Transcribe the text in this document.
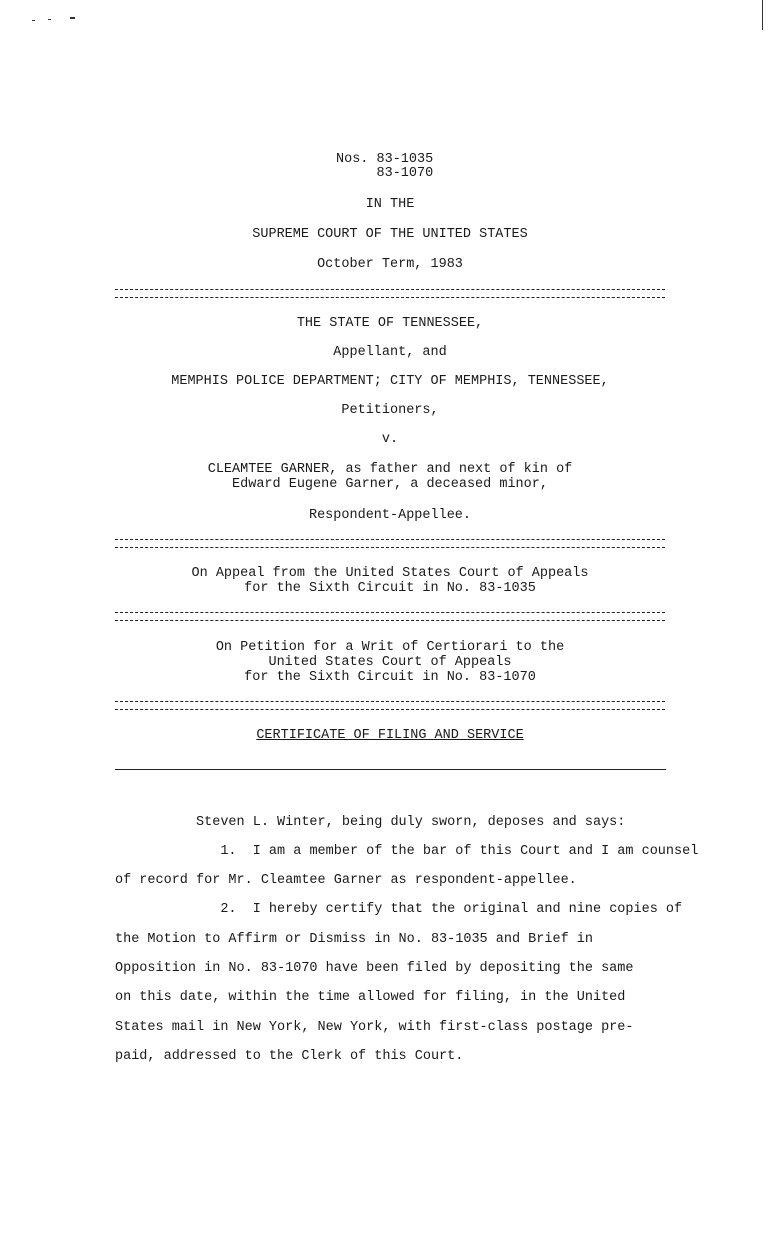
Nos. 83-1035
83-1070
IN THE
SUPREME COURT OF THE UNITED STATES
October Term, 1983
THE STATE OF TENNESSEE,
Appellant, and
MEMPHIS POLICE DEPARTMENT; CITY OF MEMPHIS, TENNESSEE,
Petitioners,
v.
CLEAMTEE GARNER, as father and next of kin of
Edward Eugene Garner, a deceased minor,
Respondent-Appellee.
On Appeal from the United States Court of Appeals
for the Sixth Circuit in No. 83-1035
On Petition for a Writ of Certiorari to the
United States Court of Appeals
for the Sixth Circuit in No. 83-1070
CERTIFICATE OF FILING AND SERVICE
Steven L. Winter, being duly sworn, deposes and says:
1.  I am a member of the bar of this Court and I am counsel
of record for Mr. Cleamtee Garner as respondent-appellee.
2.  I hereby certify that the original and nine copies of
the Motion to Affirm or Dismiss in No. 83-1035 and Brief in
Opposition in No. 83-1070 have been filed by depositing the same
on this date, within the time allowed for filing, in the United
States mail in New York, New York, with first-class postage pre-
paid, addressed to the Clerk of this Court.
